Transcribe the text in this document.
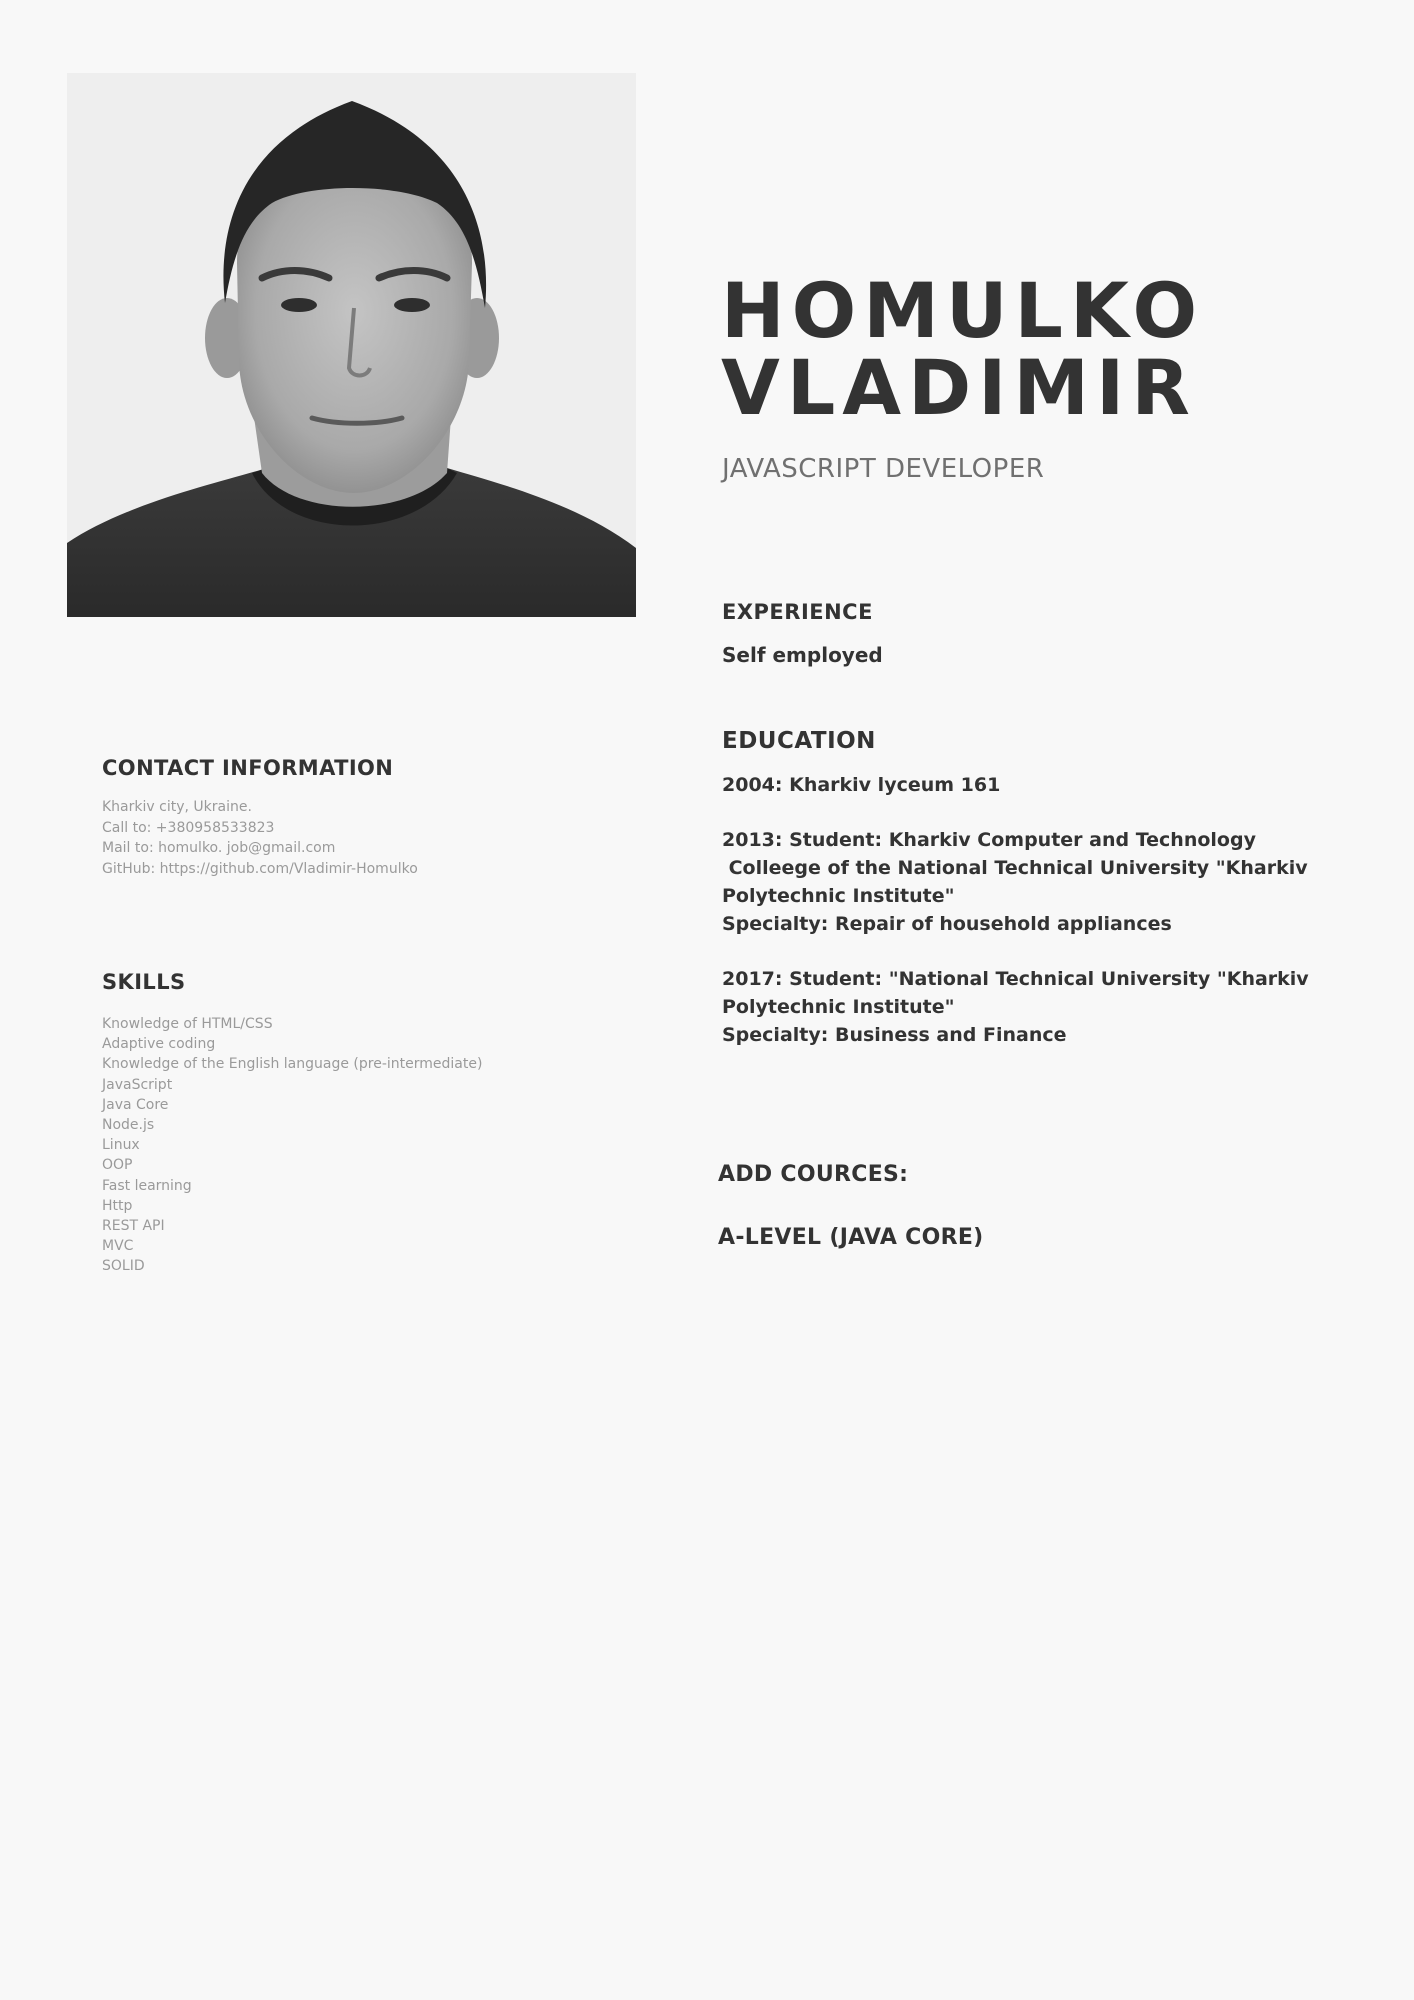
HOMULKO
VLADIMIR
JAVASCRIPT DEVELOPER
EXPERIENCE
Self employed
EDUCATION
2004: Kharkiv lyceum 161
2013: Student: Kharkiv Computer and Technology
Colleege of the National Technical University "Kharkiv
Polytechnic Institute"
Specialty: Repair of household appliances
2017: Student: "National Technical University "Kharkiv
Polytechnic Institute"
Specialty: Business and Finance
ADD COURCES:
A-LEVEL (JAVA CORE)
CONTACT INFORMATION
Kharkiv city, Ukraine.
Call to: +380958533823
Mail to: homulko. job@gmail.com
GitHub: https://github.com/Vladimir-Homulko
SKILLS
Knowledge of HTML/CSS
Adaptive coding
Knowledge of the English language (pre-intermediate)
JavaScript
Java Core
Node.js
Linux
OOP
Fast learning
Http
REST API
MVC
SOLID
